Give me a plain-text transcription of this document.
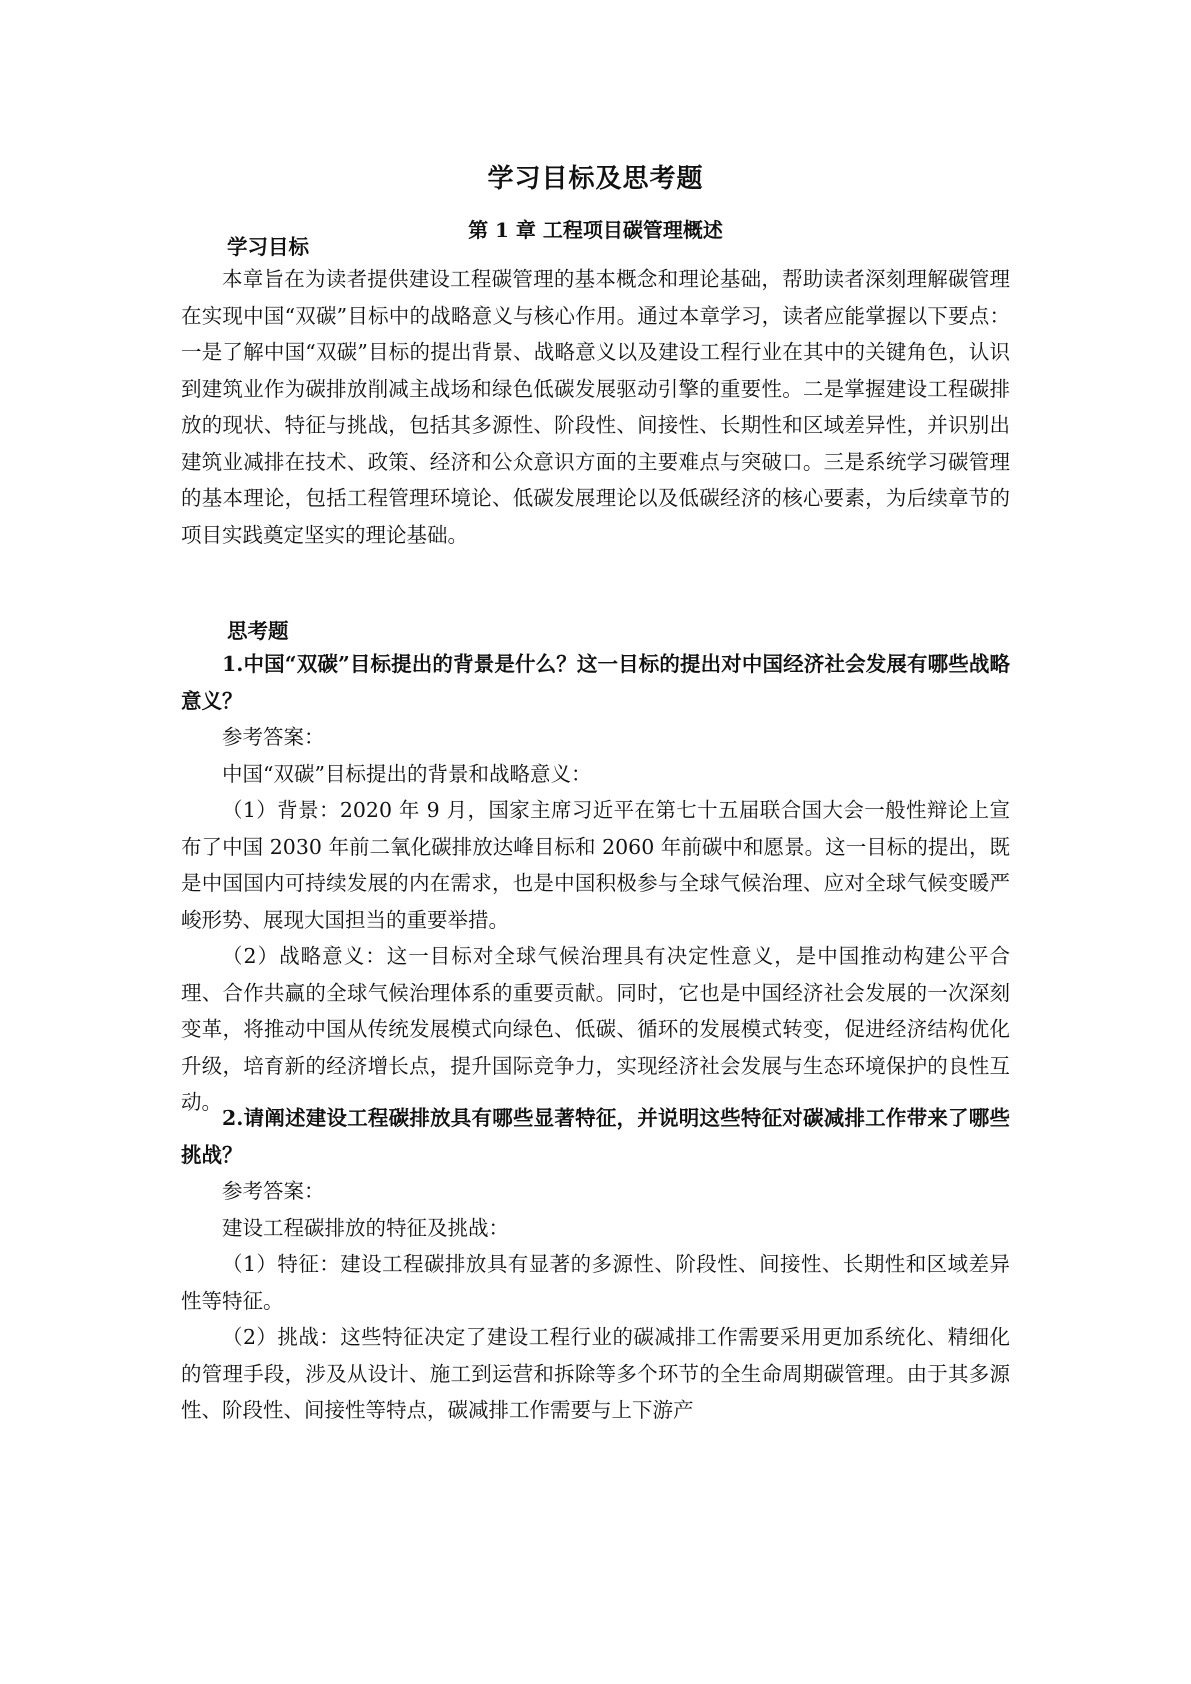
学习目标及思考题
第 1 章 工程项目碳管理概述
学习目标

本章旨在为读者提供建设工程碳管理的基本概念和理论基础，帮助读者深刻理解碳管理在实现中国“双碳”目标中的战略意义与核心作用。通过本章学习，读者应能掌握以下要点：一是了解中国“双碳”目标的提出背景、战略意义以及建设工程行业在其中的关键角色，认识到建筑业作为碳排放削减主战场和绿色低碳发展驱动引擎的重要性。二是掌握建设工程碳排放的现状、特征与挑战，包括其多源性、阶段性、间接性、长期性和区域差异性，并识别出建筑业减排在技术、政策、经济和公众意识方面的主要难点与突破口。三是系统学习碳管理的基本理论，包括工程管理环境论、低碳发展理论以及低碳经济的核心要素，为后续章节的项目实践奠定坚实的理论基础。

思考题

1.中国“双碳”目标提出的背景是什么？这一目标的提出对中国经济社会发展有哪些战略意义？

参考答案：

中国“双碳”目标提出的背景和战略意义：

（1）背景：2020 年 9 月，国家主席习近平在第七十五届联合国大会一般性辩论上宣布了中国 2030 年前二氧化碳排放达峰目标和 2060 年前碳中和愿景。这一目标的提出，既是中国国内可持续发展的内在需求，也是中国积极参与全球气候治理、应对全球气候变暖严峻形势、展现大国担当的重要举措。

（2）战略意义：这一目标对全球气候治理具有决定性意义，是中国推动构建公平合理、合作共赢的全球气候治理体系的重要贡献。同时，它也是中国经济社会发展的一次深刻变革，将推动中国从传统发展模式向绿色、低碳、循环的发展模式转变，促进经济结构优化升级，培育新的经济增长点，提升国际竞争力，实现经济社会发展与生态环境保护的良性互动。

2.请阐述建设工程碳排放具有哪些显著特征，并说明这些特征对碳减排工作带来了哪些挑战？

参考答案：

建设工程碳排放的特征及挑战：

（1）特征：建设工程碳排放具有显著的多源性、阶段性、间接性、长期性和区域差异性等特征。

（2）挑战：这些特征决定了建设工程行业的碳减排工作需要采用更加系统化、精细化的管理手段，涉及从设计、施工到运营和拆除等多个环节的全生命周期碳管理。由于其多源性、阶段性、间接性等特点，碳减排工作需要与上下游产
